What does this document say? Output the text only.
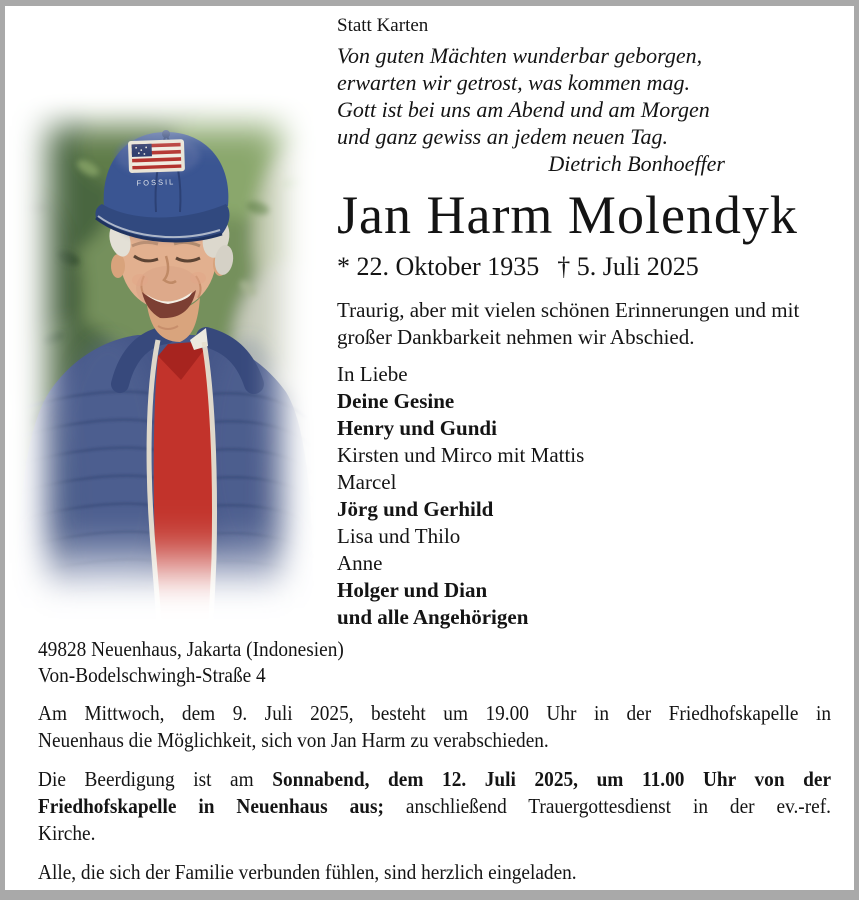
FOSSIL
Statt Karten
Von guten Mächten wunderbar geborgen,
erwarten wir getrost, was kommen mag.
Gott ist bei uns am Abend und am Morgen
und ganz gewiss an jedem neuen Tag.
Dietrich Bonhoeffer
Jan Harm Molendyk
* 22. Oktober 1935 † 5. Juli 2025

Traurig, aber mit vielen schönen Erinnerungen und mit großer Dankbarkeit nehmen wir Abschied.

In Liebe
Deine Gesine
Henry und Gundi
Kirsten und Mirco mit Mattis
Marcel
Jörg und Gerhild
Lisa und Thilo
Anne
Holger und Dian
und alle Angehörigen
49828 Neuenhaus, Jakarta (Indonesien)
Von-Bodelschwingh-Straße 4
Am Mittwoch, dem 9. Juli 2025, besteht um 19.00 Uhr in der Friedhofskapelle in
Neuenhaus die Möglichkeit, sich von Jan Harm zu verabschieden.
Die Beerdigung ist am Sonnabend, dem 12. Juli 2025, um 11.00 Uhr von der
Friedhofskapelle in Neuenhaus aus; anschließend Trauergottesdienst in der ev.-ref.
Kirche.

Alle, die sich der Familie verbunden fühlen, sind herzlich eingeladen.
